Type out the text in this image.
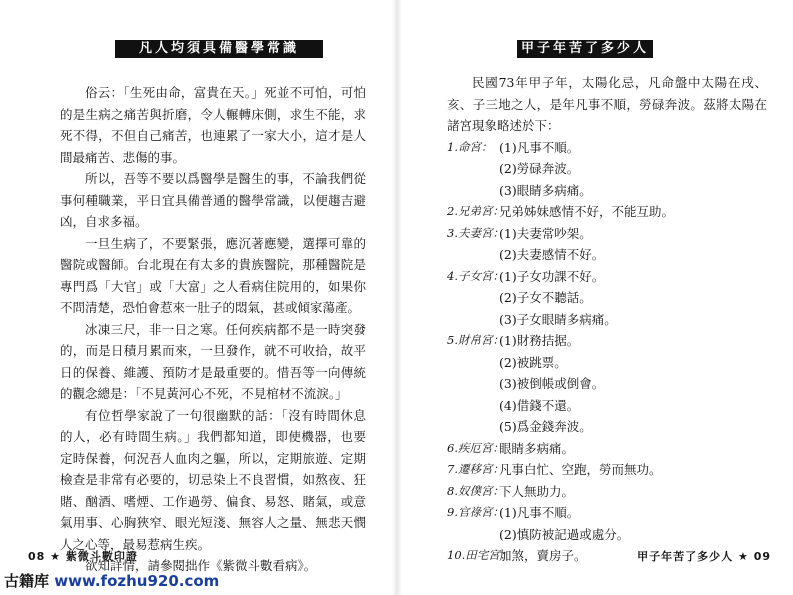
凡人均須具備醫學常識

俗云：「生死由命，富貴在天。」死並不可怕，可怕的是生病之痛苦與折磨，令人輾轉床側，求生不能，求死不得，不但自己痛苦，也連累了一家大小，這才是人間最痛苦、悲傷的事。

所以，吾等不要以爲醫學是醫生的事，不論我們從事何種職業，平日宜具備普通的醫學常識，以便趨吉避凶，自求多福。

一旦生病了，不要緊張，應沉著應變，選擇可靠的醫院或醫師。台北現在有太多的貴族醫院，那種醫院是專門爲「大官」或「大富」之人看病住院用的，如果你不問清楚，恐怕會惹來一肚子的悶氣，甚或傾家蕩產。

冰凍三尺，非一日之寒。任何疾病都不是一時突發的，而是日積月累而來，一旦發作，就不可收拾，故平日的保養、維護、預防才是最重要的。惜吾等一向傳統的觀念總是：「不見黃河心不死，不見棺材不流淚。」

有位哲學家說了一句很幽默的話：「沒有時間休息的人，必有時間生病。」我們都知道，即使機器，也要定時保養，何況吾人血肉之軀，所以，定期旅遊、定期檢查是非常有必要的，切忌染上不良習慣，如熬夜、狂賭、酗酒、嗜煙、工作過勞、偏食、易怒、賭氣，或意氣用事、心胸狹窄、眼光短淺、無容人之量、無悲天憫人之心等，最易惹病生疾。

欲知詳情，請參閱拙作《紫微斗數看病》。

08 ★ 紫微斗數印證
甲子年苦了多少人

民國73年甲子年，太陽化忌，凡命盤中太陽在戌、亥、子三地之人，是年凡事不順，勞碌奔波。茲將太陽在諸宮現象略述於下：

1.命宮： (1)凡事不順。
(2)勞碌奔波。
(3)眼睛多病痛。
2.兄弟宮：
兄弟姊妹感情不好，不能互助。
3.夫妻宮：
(1)夫妻常吵架。
(2)夫妻感情不好。
4.子女宮：
(1)子女功課不好。
(2)子女不聽話。
(3)子女眼睛多病痛。
5.財帛宮：
(1)財務拮据。
(2)被跳票。
(3)被倒帳或倒會。
(4)借錢不還。
(5)爲金錢奔波。
6.疾厄宮：
眼睛多病痛。
7.遷移宮：
凡事白忙、空跑，勞而無功。
8.奴僕宮：
下人無助力。
9.官祿宮：
(1)凡事不順。
(2)慎防被記過或處分。
10.田宅宮：
加煞，賣房子。	甲子年苦了多少人 ★ 09
古籍库 www.fozhu920.com
